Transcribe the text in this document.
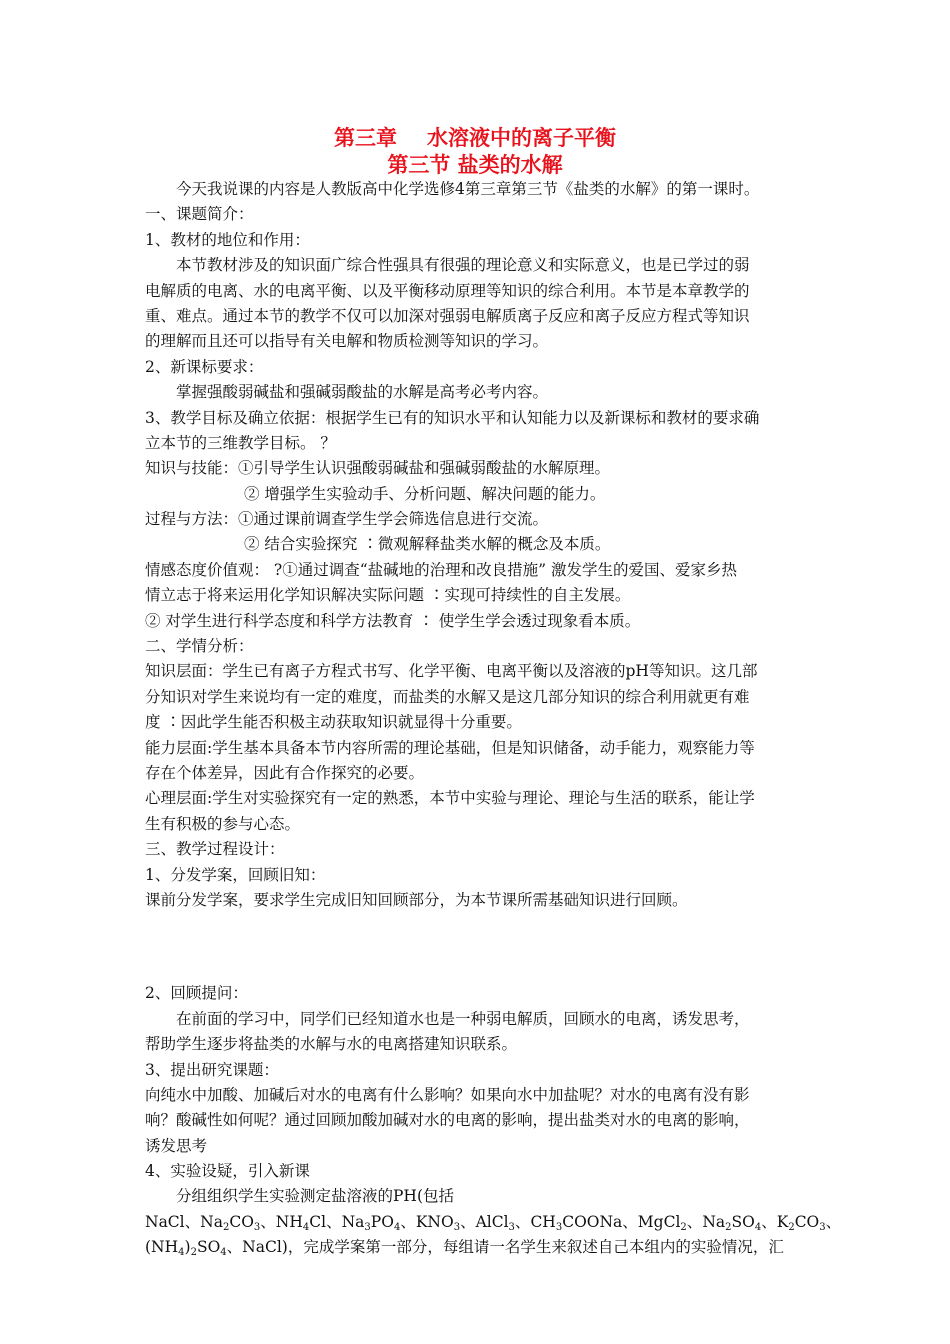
第三章 水溶液中的离子平衡
第三节 盐类的水解
今天我说课的内容是人教版高中化学选修4第三章第三节《盐类的水解》的第一课时。
一、课题简介：
1、教材的地位和作用：
本节教材涉及的知识面广综合性强具有很强的理论意义和实际意义，也是已学过的弱
电解质的电离、水的电离平衡、以及平衡移动原理等知识的综合利用。本节是本章教学的
重、难点。通过本节的教学不仅可以加深对强弱电解质离子反应和离子反应方程式等知识
的理解而且还可以指导有关电解和物质检测等知识的学习。
2、新课标要求：
掌握强酸弱碱盐和强碱弱酸盐的水解是高考必考内容。
3、教学目标及确立依据：根据学生已有的知识水平和认知能力以及新课标和教材的要求确
立本节的三维教学目标。 ？
知识与技能：①引导学生认识强酸弱碱盐和强碱弱酸盐的水解原理。
② 增强学生实验动手、分析问题、解决问题的能力。
过程与方法：①通过课前调查学生学会筛选信息进行交流。
② 结合实验探究 ∶微观解释盐类水解的概念及本质。
情感态度价值观： ?①通过调查“盐碱地的治理和改良措施” 激发学生的爱国、爱家乡热
情立志于将来运用化学知识解决实际问题 ∶实现可持续性的自主发展。
② 对学生进行科学态度和科学方法教育 ∶ 使学生学会透过现象看本质。
二、学情分析：
知识层面：学生已有离子方程式书写、化学平衡、电离平衡以及溶液的pH等知识。这几部
分知识对学生来说均有一定的难度，而盐类的水解又是这几部分知识的综合利用就更有难
度 ∶因此学生能否积极主动获取知识就显得十分重要。
能力层面:学生基本具备本节内容所需的理论基础，但是知识储备，动手能力，观察能力等
存在个体差异，因此有合作探究的必要。
心理层面:学生对实验探究有一定的熟悉，本节中实验与理论、理论与生活的联系，能让学
生有积极的参与心态。
三、教学过程设计：
1、分发学案，回顾旧知：
课前分发学案，要求学生完成旧知回顾部分，为本节课所需基础知识进行回顾。
2、回顾提问：
在前面的学习中，同学们已经知道水也是一种弱电解质，回顾水的电离，诱发思考，
帮助学生逐步将盐类的水解与水的电离搭建知识联系。
3、提出研究课题：
向纯水中加酸、加碱后对水的电离有什么影响？如果向水中加盐呢？对水的电离有没有影
响？酸碱性如何呢？通过回顾加酸加碱对水的电离的影响，提出盐类对水的电离的影响，
诱发思考
4、实验设疑，引入新课
分组组织学生实验测定盐溶液的PH(包括
NaCl、$Na_2CO_3$、$NH_4Cl$、$Na_3PO_4$、$KNO_3$、AlCl$_3$、$CH_3COONa$、MgCl$_2$、$Na_2SO_4$、$K_2CO_3$、
$(NH_4)_2SO_4$、NaCl)，完成学案第一部分，每组请一名学生来叙述自己本组内的实验情况，汇
